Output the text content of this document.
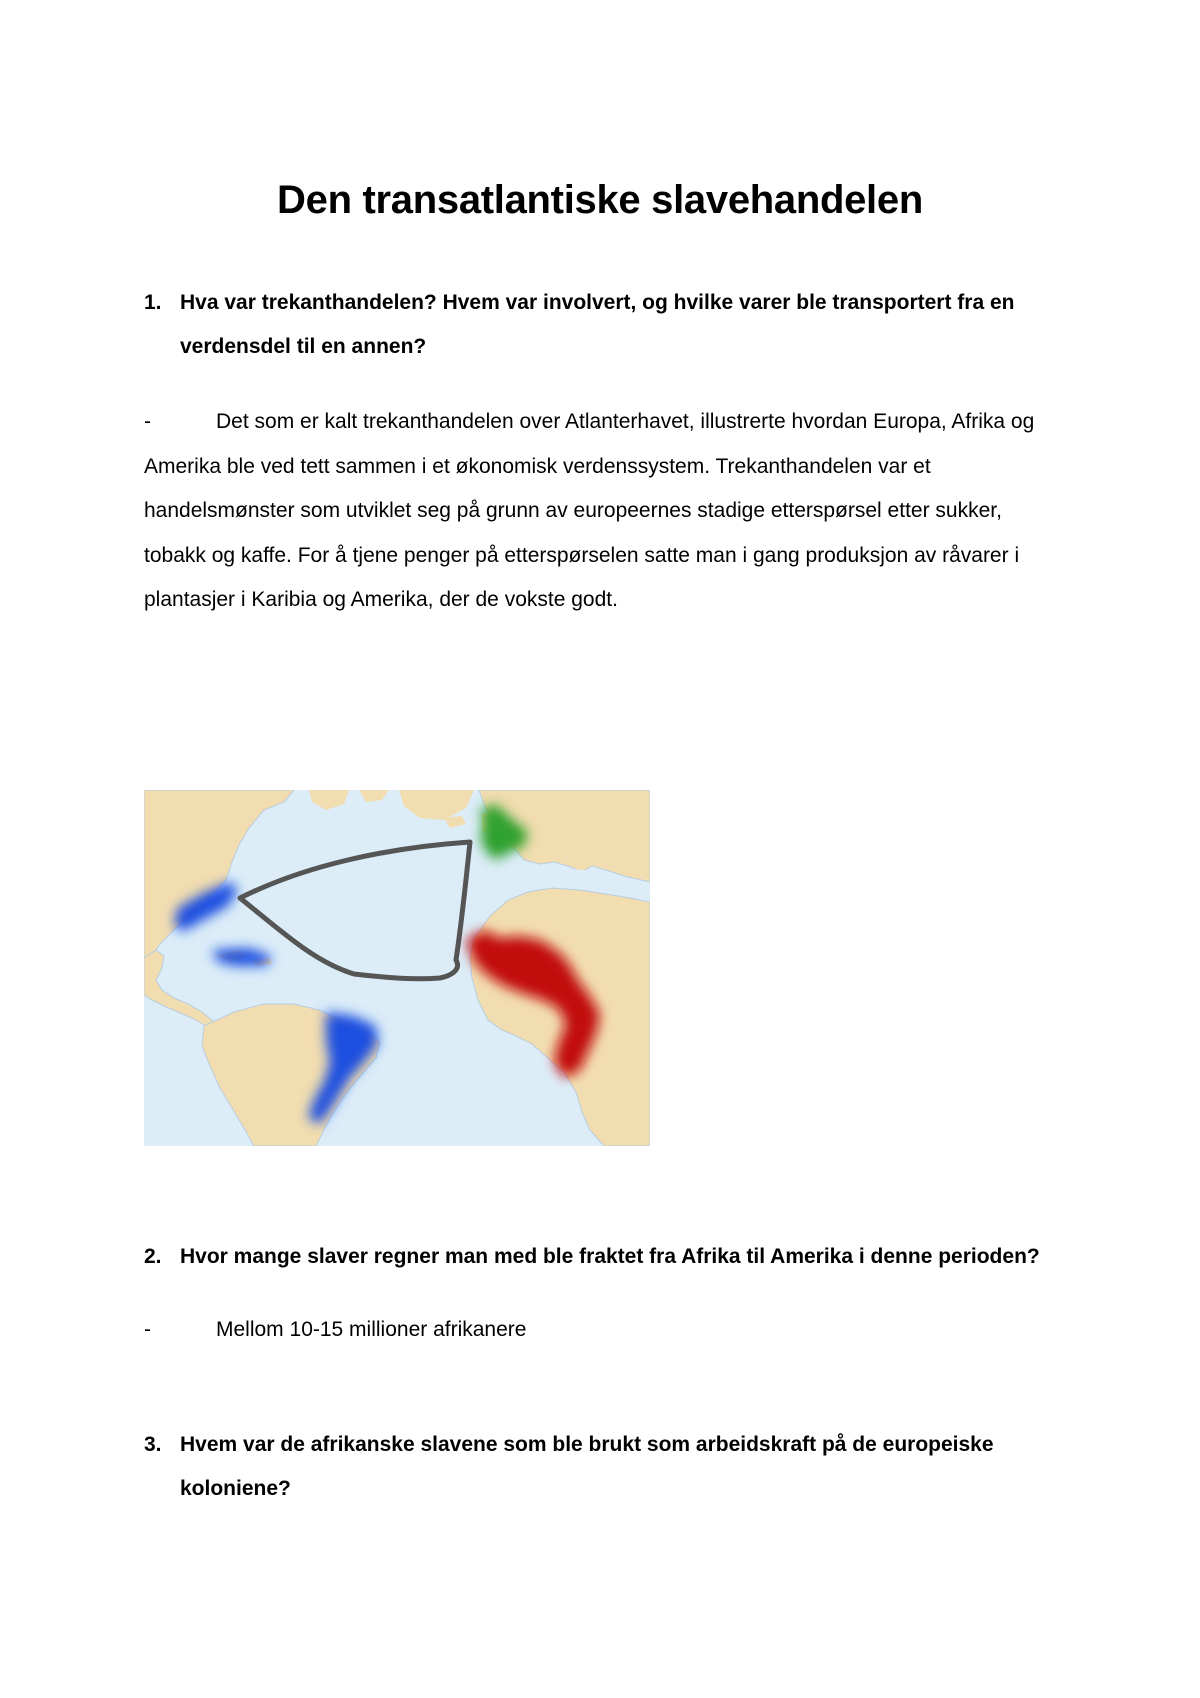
Den transatlantiske slavehandelen
1. Hva var trekanthandelen? Hvem var involvert, og hvilke varer ble transportert fra en verdensdel til en annen?

-	Det som er kalt trekanthandelen over Atlanterhavet, illustrerte hvordan Europa, Afrika og Amerika ble ved tett sammen i et økonomisk verdenssystem. Trekanthandelen var et handelsmønster som utviklet seg på grunn av europeernes stadige etterspørsel etter sukker, tobakk og kaffe. For å tjene penger på etterspørselen satte man i gang produksjon av råvarer i plantasjer i Karibia og Amerika, der de vokste godt.

2. Hvor mange slaver regner man med ble fraktet fra Afrika til Amerika i denne perioden?

-	Mellom 10-15 millioner afrikanere

3. Hvem var de afrikanske slavene som ble brukt som arbeidskraft på de europeiske koloniene?
